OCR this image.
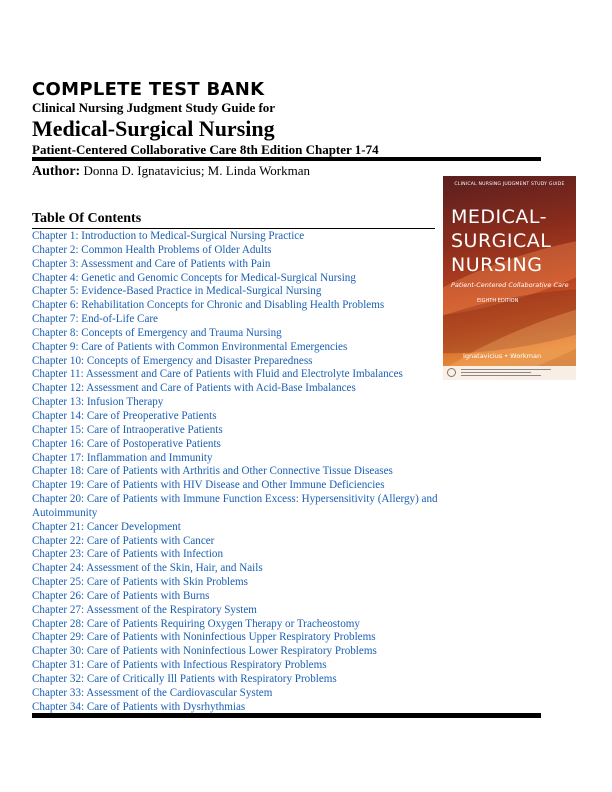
COMPLETE TEST BANK
Clinical Nursing Judgment Study Guide for
Medical-Surgical Nursing
Patient-Centered Collaborative Care 8th Edition Chapter 1-74
Author: Donna D. Ignatavicius; M. Linda Workman
CLINICAL NURSING JUDGMENT STUDY GUIDE
MEDICAL-
SURGICAL
NURSING
Patient-Centered Collaborative Care
EIGHTH EDITION
Ignatavicius • Workman
Table Of Contents
Chapter 1: Introduction to Medical-Surgical Nursing Practice
Chapter 2: Common Health Problems of Older Adults
Chapter 3: Assessment and Care of Patients with Pain
Chapter 4: Genetic and Genomic Concepts for Medical-Surgical Nursing
Chapter 5: Evidence-Based Practice in Medical-Surgical Nursing
Chapter 6: Rehabilitation Concepts for Chronic and Disabling Health Problems
Chapter 7: End-of-Life Care
Chapter 8: Concepts of Emergency and Trauma Nursing
Chapter 9: Care of Patients with Common Environmental Emergencies
Chapter 10: Concepts of Emergency and Disaster Preparedness
Chapter 11: Assessment and Care of Patients with Fluid and Electrolyte Imbalances
Chapter 12: Assessment and Care of Patients with Acid-Base Imbalances
Chapter 13: Infusion Therapy
Chapter 14: Care of Preoperative Patients
Chapter 15: Care of Intraoperative Patients
Chapter 16: Care of Postoperative Patients
Chapter 17: Inflammation and Immunity
Chapter 18: Care of Patients with Arthritis and Other Connective Tissue Diseases
Chapter 19: Care of Patients with HIV Disease and Other Immune Deficiencies
Chapter 20: Care of Patients with Immune Function Excess: Hypersensitivity (Allergy) and Autoimmunity
Chapter 21: Cancer Development
Chapter 22: Care of Patients with Cancer
Chapter 23: Care of Patients with Infection
Chapter 24: Assessment of the Skin, Hair, and Nails
Chapter 25: Care of Patients with Skin Problems
Chapter 26: Care of Patients with Burns
Chapter 27: Assessment of the Respiratory System
Chapter 28: Care of Patients Requiring Oxygen Therapy or Tracheostomy
Chapter 29: Care of Patients with Noninfectious Upper Respiratory Problems
Chapter 30: Care of Patients with Noninfectious Lower Respiratory Problems
Chapter 31: Care of Patients with Infectious Respiratory Problems
Chapter 32: Care of Critically Ill Patients with Respiratory Problems
Chapter 33: Assessment of the Cardiovascular System
Chapter 34: Care of Patients with Dysrhythmias
